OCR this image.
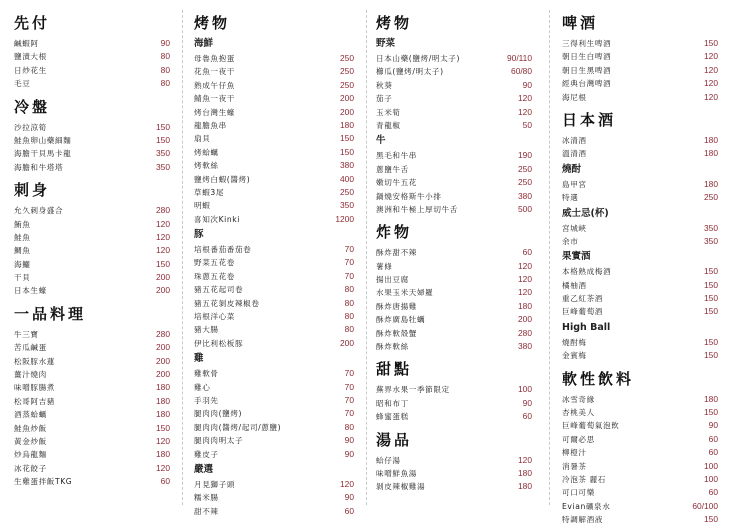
先付
鹹蝦阿	90
鹽漬大根	80
日炒花生	80
毛豆	80
冷盤
沙拉涼筍	150
鮭魚卵山藥細麵	150
海膽干貝馬卡龍	350
海膽和牛塔塔	350
刺身
允久刺身盛合	280
鮪魚	120
鮭魚	120
鯛魚	120
海鱺	150
干貝	200
日本生蠔	200
一品料理
牛三寶	280
苦瓜鹹蛋	200
松阪豚水蓮	200
薑汁燒肉	200
味噌豚腸煮	180
松哥阿吉豬	180
酒蒸蛤蠣	180
鮭魚炒飯	150
黃金炒飯	120
炒烏龍麵	180
冰花餃子	120
生雞蛋拌飯TKG	60
烤物
海鮮
母魯魚抱蛋	250
花魚一夜干	250
熟成午仔魚	250
鯖魚一夜干	200
烤台灣生蠔	200
龍膽魚串	180
扇貝	150
烤蛤蠣	150
烤軟絲	380
鹽烤白蝦(醬烤)	400
草蝦3尾	250
明蝦	350
喜知次Kinki	1200
豚
培根番茄番茄卷	70
野菜五花卷	70
珠蔥五花卷	70
豬五花起司卷	80
豬五花剝皮辣椒卷	80
培根洋心菜	80
豬大腸	80
伊比利松板豚	200
雞
雞軟骨	70
雞心	70
手羽先	70
腿肉肉(鹽烤)	70
腿肉肉(醬烤/起司/蔥鹽)	80
腿肉肉明太子	90
雞皮子	90
嚴選
月見獅子頭	120
糯米腸	90
甜不辣	60
烤物
野菜
日本山藥(鹽烤/明太子)	90/110
櫛瓜(鹽烤/明太子)	60/80
秋葵	90
茄子	120
玉米筍	120
青龍椒	50
牛
黑毛和牛串	190
蔥鹽牛舌	250
嫩切牛五花	250
鍋燒安格斯牛小排	380
澳洲和牛極上厚切牛舌	500
炸物
酥炸甜不辣	60
薯條	120
揚出豆腐	120
水果玉米天婦羅	120
酥炸唐揚雞	180
酥炸廣島牡蠣	200
酥炸軟殼蟹	280
酥炸軟絲	380
甜點
蕪界水果一季節限定	100
昭和布丁	90
蜂蜜蛋糕	60
湯品
蛤仔湯	120
味噌鮮魚湯	180
剝皮辣椒雞湯	180
啤酒
三得利生啤酒	150
朝日生白啤酒	120
朝日生黑啤酒	120
經典台灣啤酒	120
海尼根	120
日本酒
冰清酒	180
溫清酒	180
燒酎
島甲宮	180
特選	250
威士忌(杯)
宮城峽	350
余市	350
果實酒
本格熟成梅酒	150
橘柚酒	150
重乙紅茶酒	150
巨峰葡萄酒	150
High Ball
燒酎梅	150
金賓梅	150
軟性飲料
冰雪奇緣	180
杏桃美人	150
巨峰葡萄氣泡飲	90
可爾必思	60
柳橙汁	60
消暑茶	100
冷泡茶 麗石	100
可口可樂	60
Evian礦泉水	60/100
特調解酒液	150
